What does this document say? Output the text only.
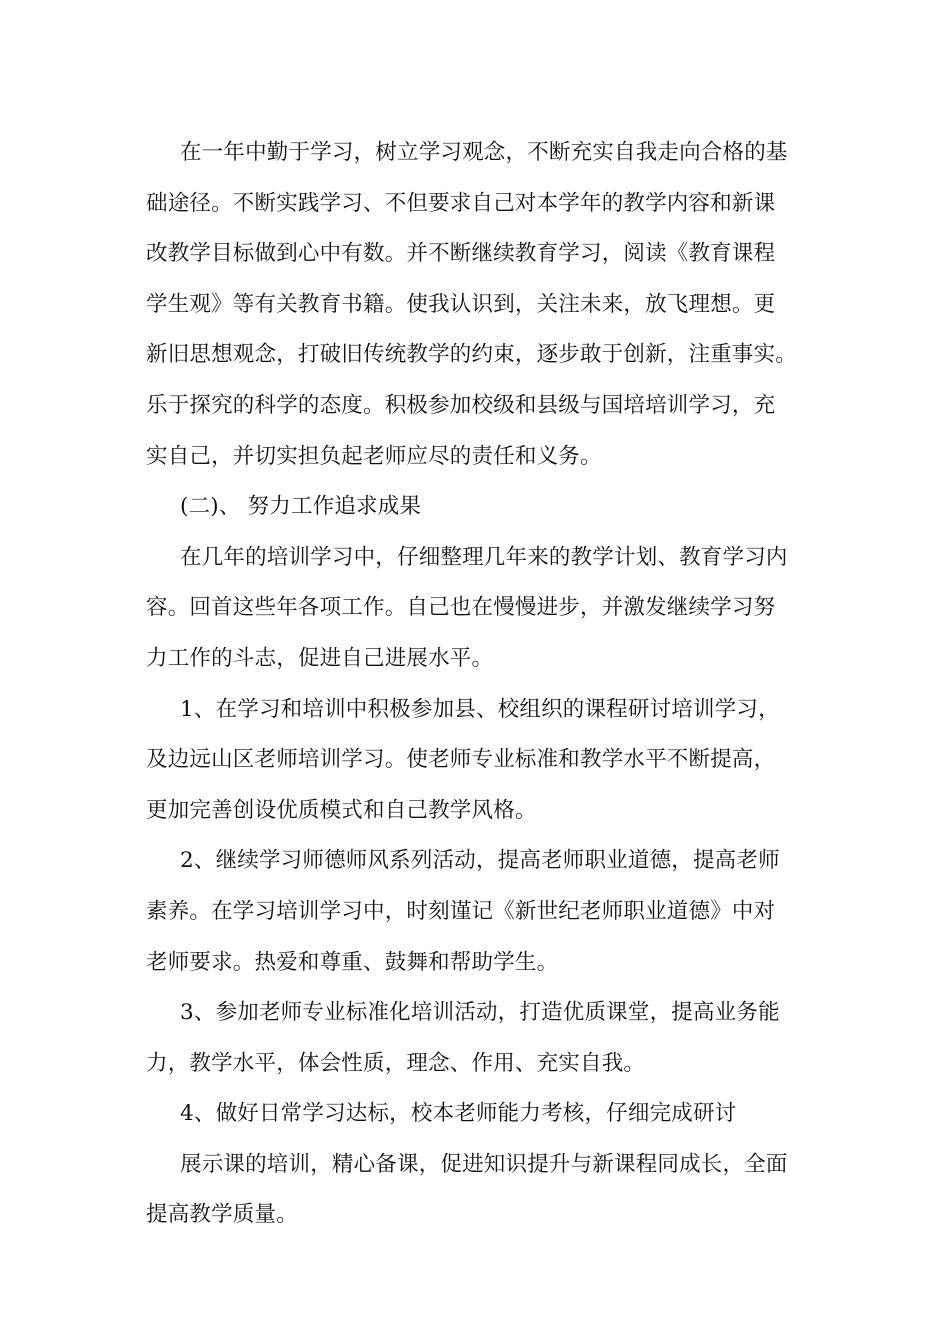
在一年中勤于学习，树立学习观念，不断充实自我走向合格的基
础途径。不断实践学习、不但要求自己对本学年的教学内容和新课
改教学目标做到心中有数。并不断继续教育学习，阅读《教育课程
学生观》等有关教育书籍。使我认识到，关注未来，放飞理想。更
新旧思想观念，打破旧传统教学的约束，逐步敢于创新，注重事实。
乐于探究的科学的态度。积极参加校级和县级与国培培训学习，充
实自己，并切实担负起老师应尽的责任和义务。
(二)、 努力工作追求成果
在几年的培训学习中，仔细整理几年来的教学计划、教育学习内
容。回首这些年各项工作。自己也在慢慢进步，并激发继续学习努
力工作的斗志，促进自己进展水平。
1、在学习和培训中积极参加县、校组织的课程研讨培训学习，
及边远山区老师培训学习。使老师专业标准和教学水平不断提高，
更加完善创设优质模式和自己教学风格。
2、继续学习师德师风系列活动，提高老师职业道德，提高老师
素养。在学习培训学习中，时刻谨记《新世纪老师职业道德》中对
老师要求。热爱和尊重、鼓舞和帮助学生。
3、参加老师专业标准化培训活动，打造优质课堂，提高业务能
力，教学水平，体会性质，理念、作用、充实自我。
4、做好日常学习达标，校本老师能力考核，仔细完成研讨
展示课的培训，精心备课，促进知识提升与新课程同成长，全面
提高教学质量。
